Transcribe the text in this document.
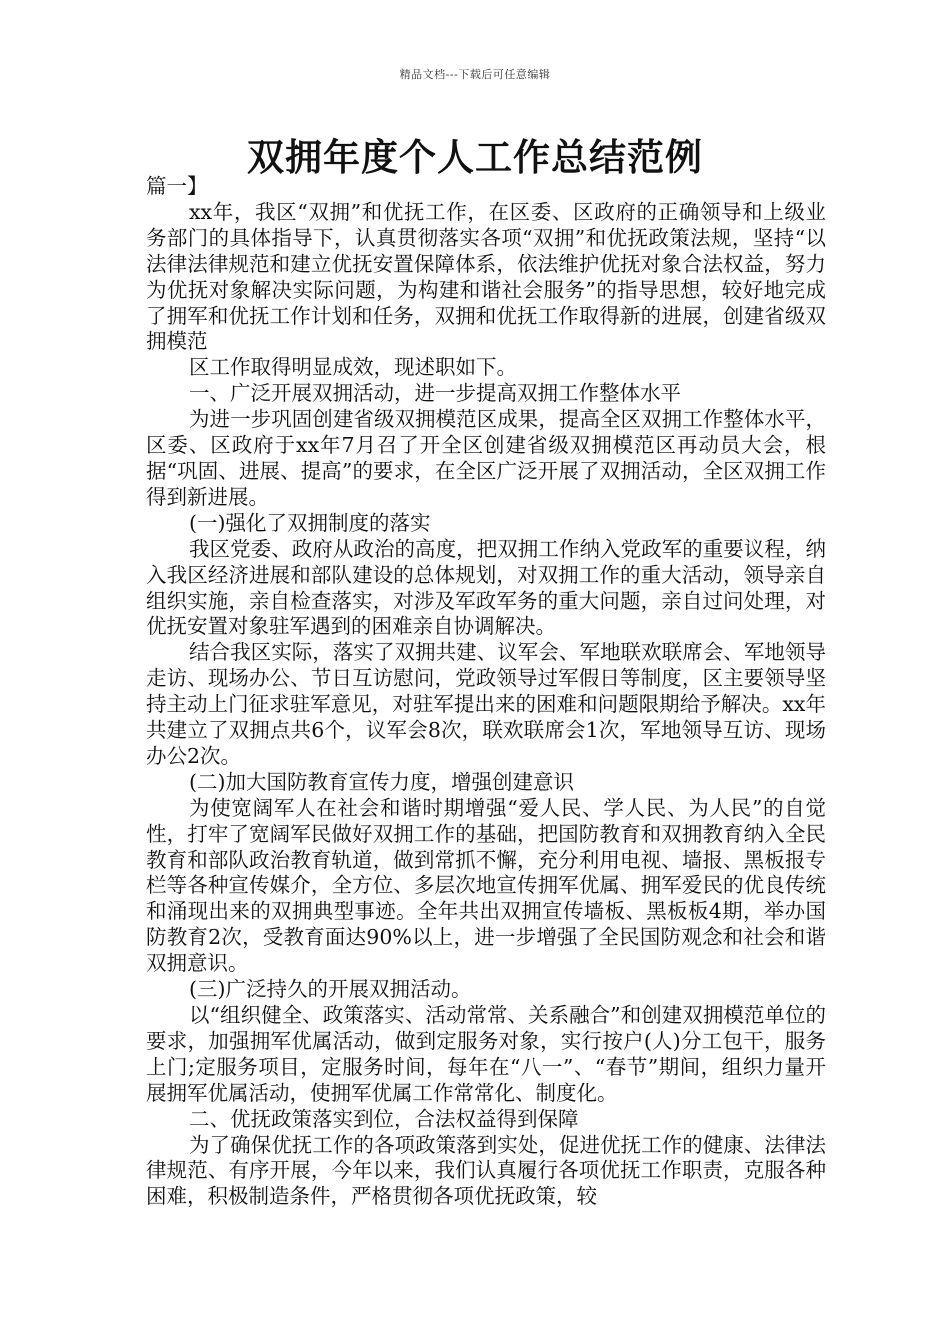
精品文档---下载后可任意编辑
双拥年度个人工作总结范例

篇一】

xx年，我区“双拥”和优抚工作，在区委、区政府的正确领导和上级业务部门的具体指导下，认真贯彻落实各项“双拥”和优抚政策法规，坚持“以法律法律规范和建立优抚安置保障体系，依法维护优抚对象合法权益，努力为优抚对象解决实际问题，为构建和谐社会服务”的指导思想，较好地完成了拥军和优抚工作计划和任务，双拥和优抚工作取得新的进展，创建省级双拥模范

区工作取得明显成效，现述职如下。

一、广泛开展双拥活动，进一步提高双拥工作整体水平

为进一步巩固创建省级双拥模范区成果，提高全区双拥工作整体水平，区委、区政府于xx年7月召了开全区创建省级双拥模范区再动员大会，根据“巩固、进展、提高”的要求，在全区广泛开展了双拥活动，全区双拥工作得到新进展。

(一)强化了双拥制度的落实

我区党委、政府从政治的高度，把双拥工作纳入党政军的重要议程，纳入我区经济进展和部队建设的总体规划，对双拥工作的重大活动，领导亲自组织实施，亲自检查落实，对涉及军政军务的重大问题，亲自过问处理，对优抚安置对象驻军遇到的困难亲自协调解决。

结合我区实际，落实了双拥共建、议军会、军地联欢联席会、军地领导走访、现场办公、节日互访慰问，党政领导过军假日等制度，区主要领导坚持主动上门征求驻军意见，对驻军提出来的困难和问题限期给予解决。xx年共建立了双拥点共6个，议军会8次，联欢联席会1次，军地领导互访、现场办公2次。

(二)加大国防教育宣传力度，增强创建意识

为使宽阔军人在社会和谐时期增强“爱人民、学人民、为人民”的自觉性，打牢了宽阔军民做好双拥工作的基础，把国防教育和双拥教育纳入全民教育和部队政治教育轨道，做到常抓不懈，充分利用电视、墙报、黑板报专栏等各种宣传媒介，全方位、多层次地宣传拥军优属、拥军爱民的优良传统和涌现出来的双拥典型事迹。全年共出双拥宣传墙板、黑板板4期，举办国防教育2次，受教育面达90%以上，进一步增强了全民国防观念和社会和谐双拥意识。

(三)广泛持久的开展双拥活动。

以“组织健全、政策落实、活动常常、关系融合”和创建双拥模范单位的要求，加强拥军优属活动，做到定服务对象，实行按户(人)分工包干，服务上门;定服务项目，定服务时间，每年在“八一”、“春节”期间，组织力量开展拥军优属活动，使拥军优属工作常常化、制度化。

二、优抚政策落实到位，合法权益得到保障

为了确保优抚工作的各项政策落到实处，促进优抚工作的健康、法律法律规范、有序开展，今年以来，我们认真履行各项优抚工作职责，克服各种困难，积极制造条件，严格贯彻各项优抚政策，较
